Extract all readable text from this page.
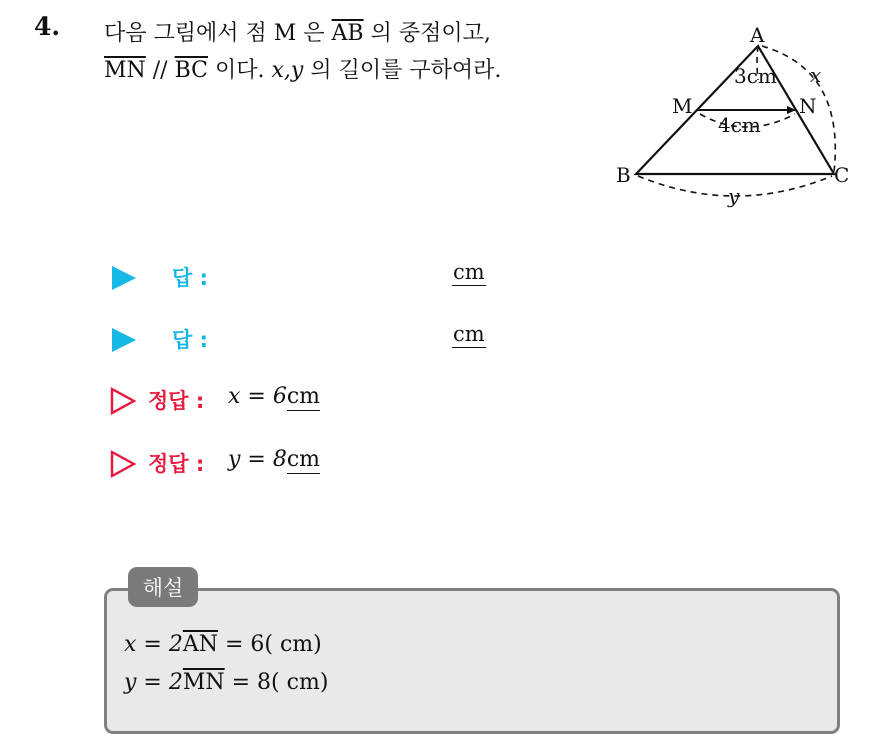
4. 다음 그림에서 점 M 은 $\overline{AB}$ 의 중점이고,
$\overline{MN} // \overline{BC}$ 이다. x,y 의 길이를 구하여라.
A
M	N
B	C
3cm
4cm
x
y
답 :	cm
답 :	cm
정답 : x = 6cm
정답 : y = 8cm
해설
$x = 2\overline{AN} = 6$( cm)
$y = 2\overline{MN} = 8$( cm)
